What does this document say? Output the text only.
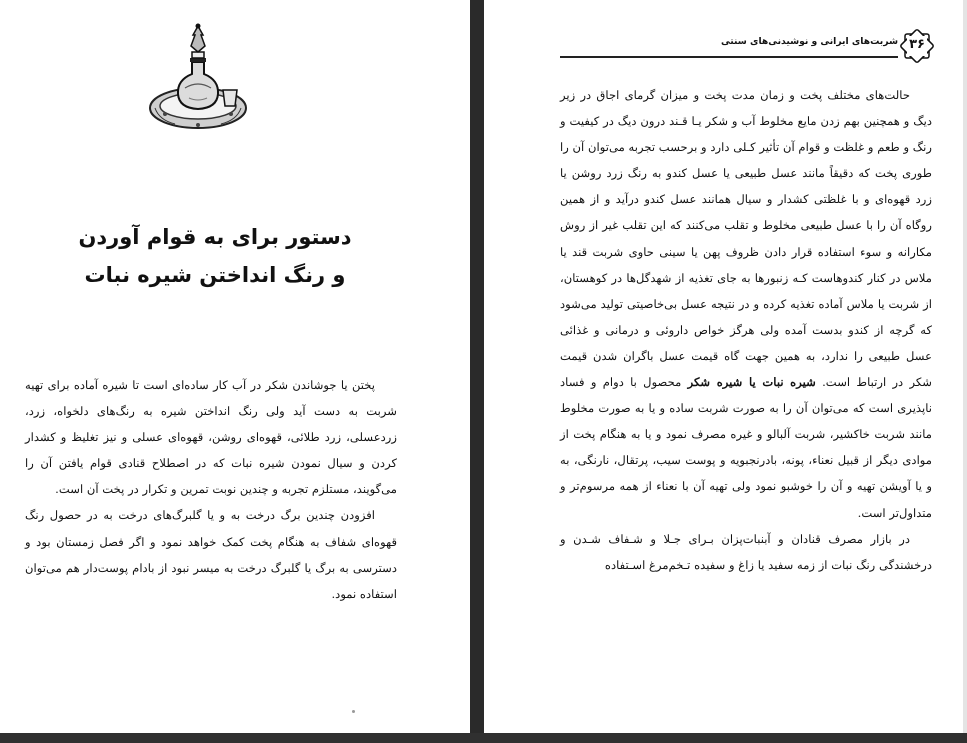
دستور برای به قوام آوردن
و رنگ انداختن شیره نبات

پختن یا جوشاندن شکر در آب کار ساده‌ای است تا شیره آماده برای تهیه شربت به دست آید ولی رنگ انداختن شیره به رنگ‌های دلخواه، زرد، زردعسلی، زرد طلائی، قهوه‌ای روشن، قهوه‌ای عسلی و نیز تغلیظ و کشدار کردن و سیال نمودن شیره نبات که در اصطلاح قنادی قوام یافتن آن را می‌گویند، مستلزم تجربه و چندین نوبت تمرین و تکرار در پخت آن است.

افزودن چندین برگ درخت به و یا گلبرگ‌های درخت به در حصول رنگ قهوه‌ای شفاف به هنگام پخت کمک خواهد نمود و اگر فصل زمستان بود و دسترسی به برگ یا گلبرگ درخت به میسر نبود از بادام پوست‌دار هم می‌توان استفاده نمود.

شربت‌های ایرانی و نوشیدنی‌های سنتی ۳۶

حالت‌های مختلف پخت و زمان مدت پخت و میزان گرمای اجاق در زیر دیگ و همچنین بهم زدن مایع مخلوط آب و شکر یـا قـند درون دیگ در کیفیت و رنگ و طعم و غلظت و قوام آن تأثیر کـلی دارد و برحسب تجربه می‌توان آن را طوری پخت که دقیقاً مانند عسل طبیعی یا عسل کندو به رنگ زرد روشن یا زرد قهوه‌ای و با غلظتی کشدار و سیال همانند عسل کندو درآید و از همین روگاه آن را با عسل طبیعی مخلوط و تقلب می‌کنند که این تقلب غیر از روش مکارانه و سوء استفاده قرار دادن ظروف پهن یا سینی حاوی شربت قند یا ملاس در کنار کندوهاست کـه زنبورها به جای تغذیه از شهدگل‌ها در کوهستان، از شربت یا ملاس آماده تغذیه کرده و در نتیجه عسل بی‌خاصیتی تولید می‌شود که گرچه از کندو بدست آمده ولی هرگز خواص داروئی و درمانی و غذائی عسل طبیعی را ندارد، به همین جهت گاه قیمت عسل باگران شدن قیمت شکر در ارتباط است. شیره نبات یا شیره شکر محصول با دوام و فساد ناپذیری است که می‌توان آن را به صورت شربت ساده و یا به صورت مخلوط مانند شربت خاکشیر، شربت آلبالو و غیره مصرف نمود و یا به هنگام پخت از موادی دیگر از قبیل نعناء، پونه، بادرنجبویه و پوست سیب، پرتقال، نارنگی، به و یا آویشن تهیه و آن را خوشبو نمود ولی تهیه آن با نعناء از همه مرسوم‌تر و متداول‌تر است.

در بازار مصرف قنادان و آبنبات‌پزان بـرای جـلا و شـفاف شـدن و درخشندگی رنگ نبات از زمه سفید یا زاغ و سفیده تـخم‌مرغ اسـتفاده
